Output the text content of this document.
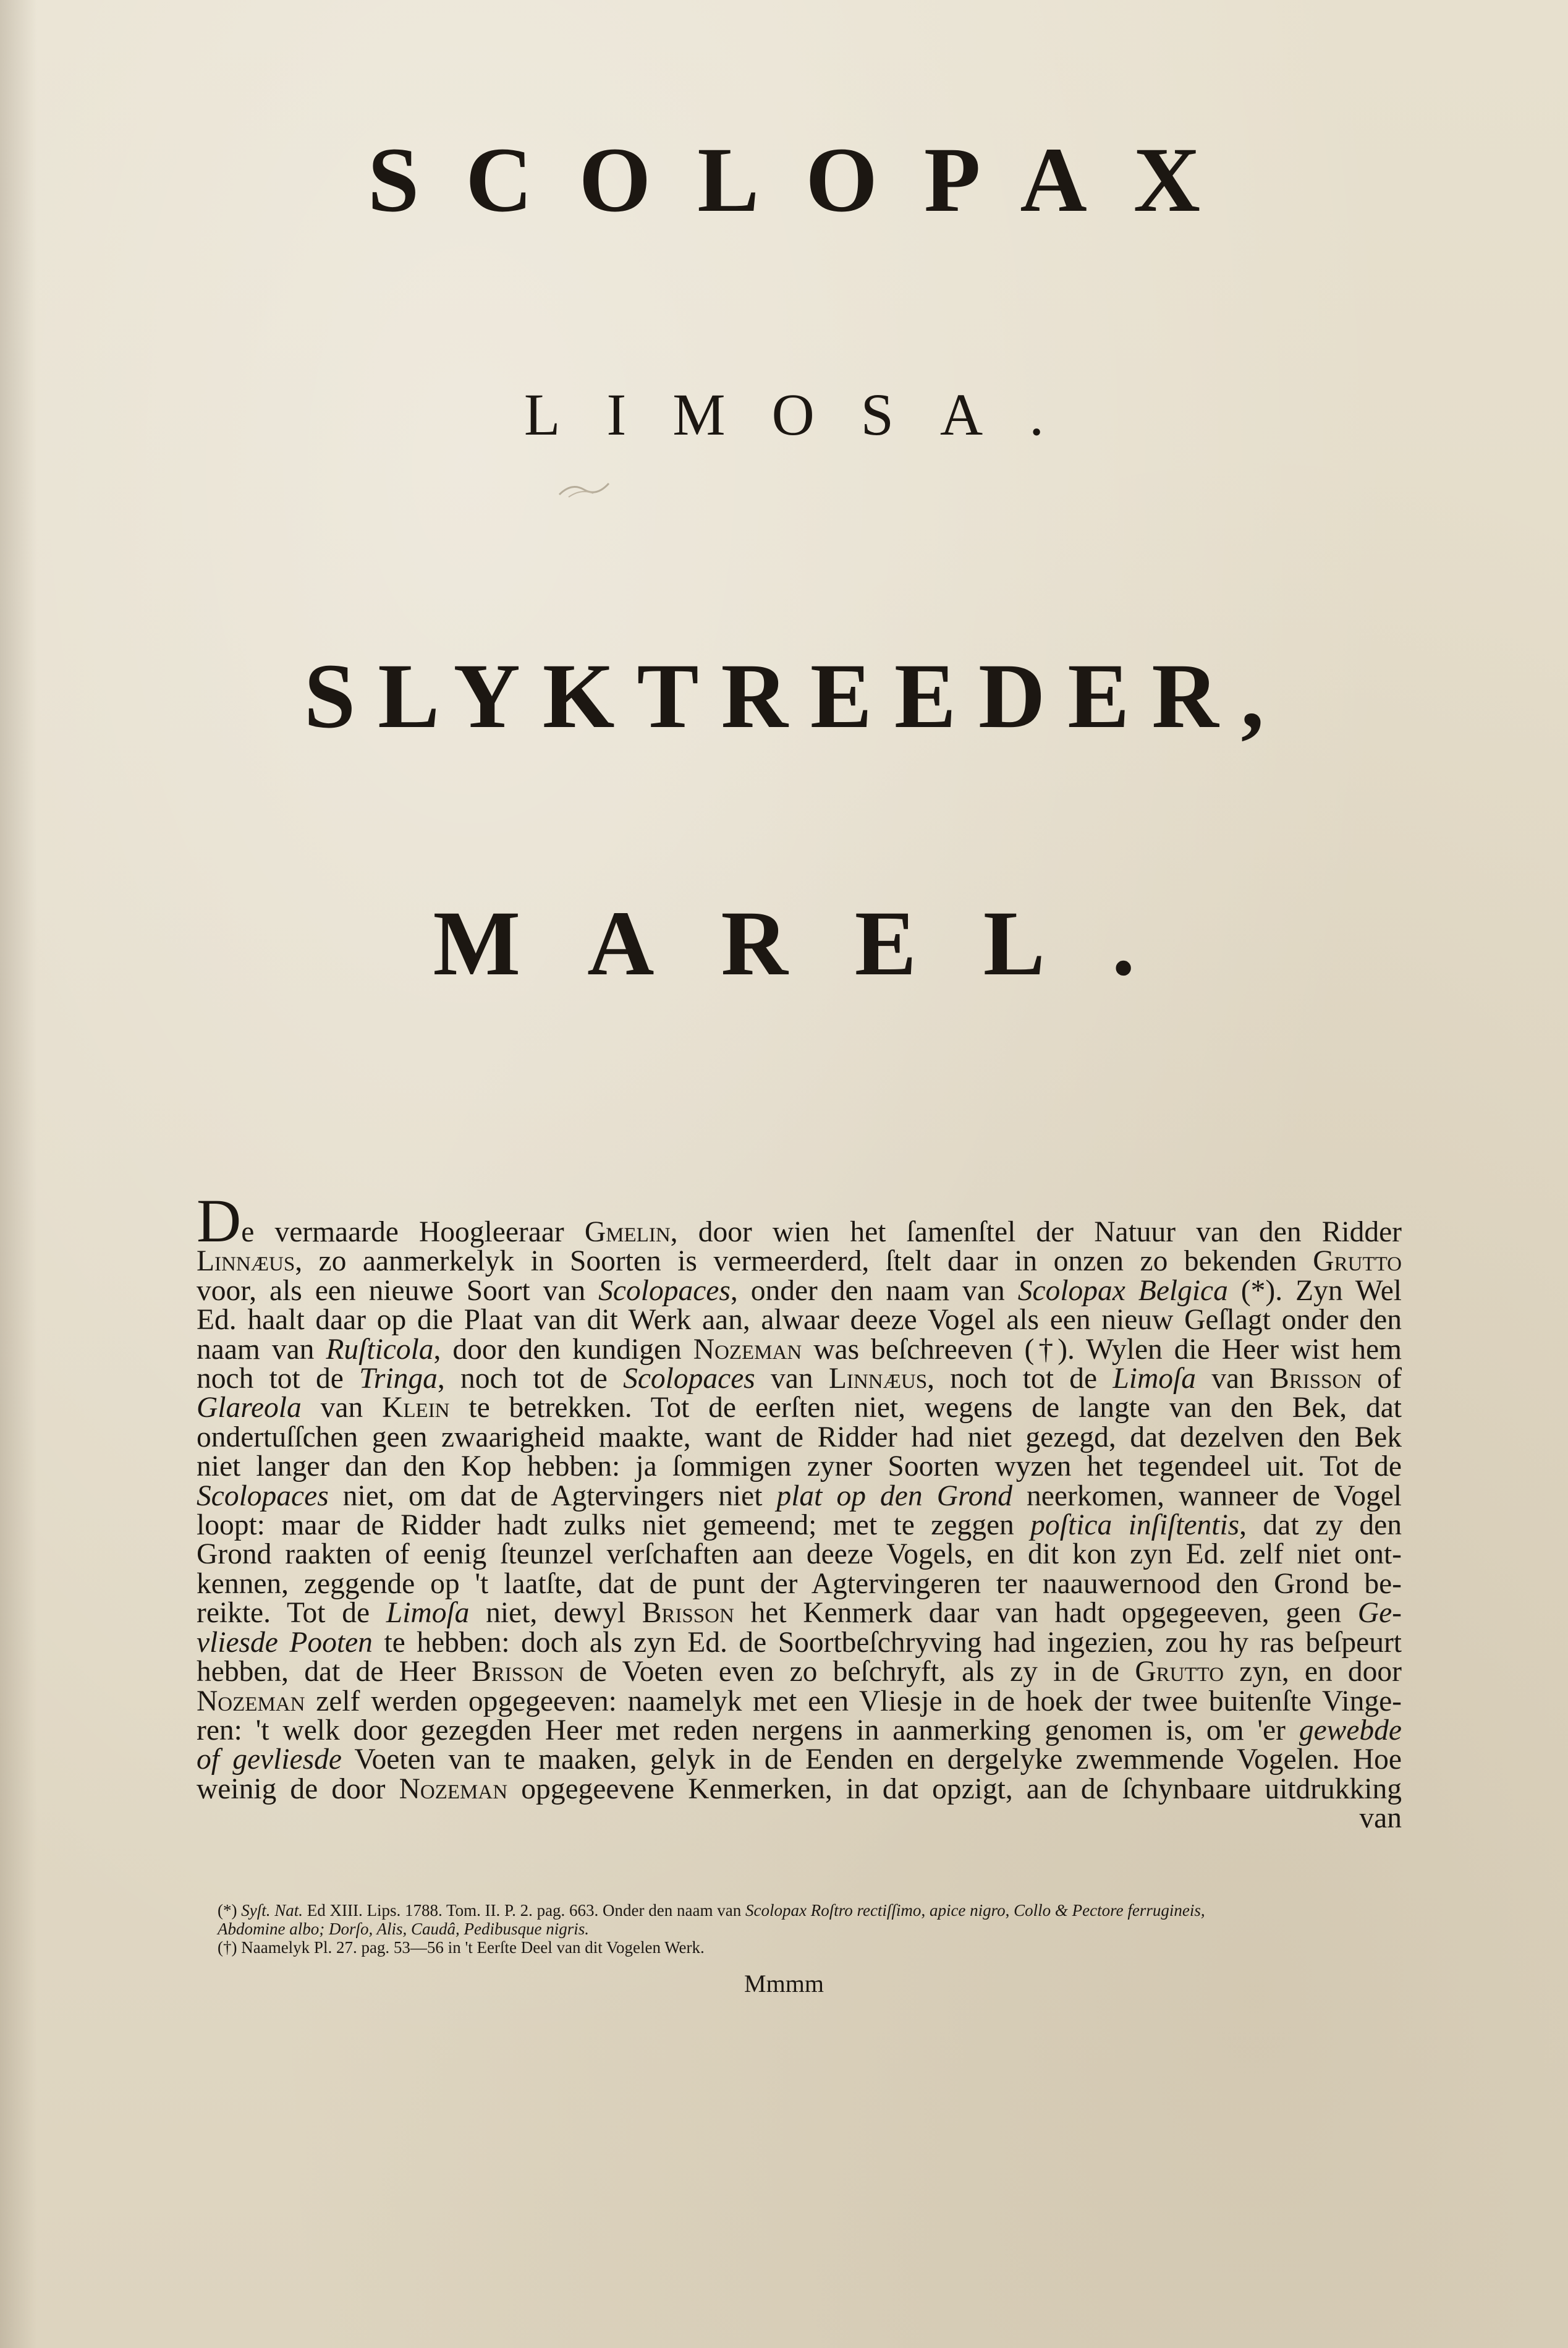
SCOLOPAX
LIMOSA.
SLYKTREEDER,
MAREL.
De vermaarde Hoogleeraar Gmelin, door wien het ſamenſtel der Natuur van den Ridder
Linnæus, zo aanmerkelyk in Soorten is vermeerderd, ſtelt daar in onzen zo bekenden Grutto
voor, als een nieuwe Soort van Scolopaces, onder den naam van Scolopax Belgica (*). Zyn Wel
Ed. haalt daar op die Plaat van dit Werk aan, alwaar deeze Vogel als een nieuw Geſlagt onder den
naam van Ruſticola, door den kundigen Nozeman was beſchreeven (†). Wylen die Heer wist hem
noch tot de Tringa, noch tot de Scolopaces van Linnæus, noch tot de Limoſa van Brisson of
Glareola van Klein te betrekken. Tot de eerſten niet, wegens de langte van den Bek, dat
ondertuſſchen geen zwaarigheid maakte, want de Ridder had niet gezegd, dat dezelven den Bek
niet langer dan den Kop hebben: ja ſommigen zyner Soorten wyzen het tegendeel uit. Tot de
Scolopaces niet, om dat de Agtervingers niet plat op den Grond neerkomen, wanneer de Vogel
loopt: maar de Ridder hadt zulks niet gemeend; met te zeggen poſtica inſiſtentis, dat zy den
Grond raakten of eenig ſteunzel verſchaften aan deeze Vogels, en dit kon zyn Ed. zelf niet ont-
kennen, zeggende op 't laatſte, dat de punt der Agtervingeren ter naauwernood den Grond be-
reikte. Tot de Limoſa niet, dewyl Brisson het Kenmerk daar van hadt opgegeeven, geen Ge-
vliesde Pooten te hebben: doch als zyn Ed. de Soortbeſchryving had ingezien, zou hy ras beſpeurt
hebben, dat de Heer Brisson de Voeten even zo beſchryft, als zy in de Grutto zyn, en door
Nozeman zelf werden opgegeeven: naamelyk met een Vliesje in de hoek der twee buitenſte Vinge-
ren: 't welk door gezegden Heer met reden nergens in aanmerking genomen is, om 'er gewebde
of gevliesde Voeten van te maaken, gelyk in de Eenden en dergelyke zwemmende Vogelen. Hoe
weinig de door Nozeman opgegeevene Kenmerken, in dat opzigt, aan de ſchynbaare uitdrukking
van
(*) Syſt. Nat. Ed XIII. Lips. 1788. Tom. II. P. 2. pag. 663. Onder den naam van Scolopax Roſtro rectiſſimo, apice nigro, Collo & Pectore ferrugineis,
Abdomine albo; Dorſo, Alis, Caudâ, Pedibusque nigris.
(†) Naamelyk Pl. 27. pag. 53—56 in 't Eerſte Deel van dit Vogelen Werk.

Mmmm
